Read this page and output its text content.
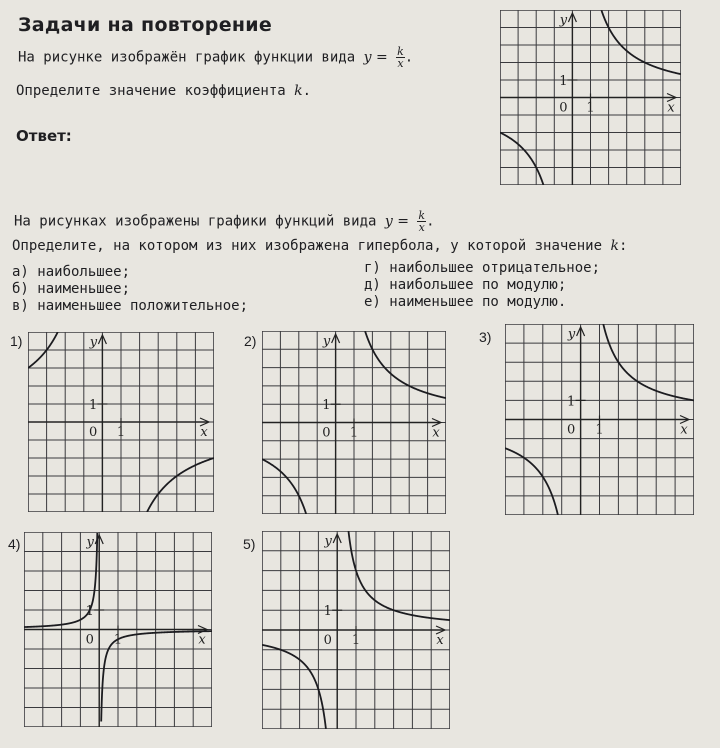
Задачи на повторение
На рисунке изображён график функции вида $y = \frac{k}{x}$ .
Определите значение коэффициента k.
Ответ:
На рисунках изображены графики функций вида $y = \frac{k}{x}$ .
Определите, на котором из них изображена гипербола, у которой значение k:
а) наибольшее;
б) наименьшее;
в) наименьшее положительное;
г) наибольшее отрицательное;
д) наибольшее по модулю;
е) наименьшее по модулю.
1)	2)	3)
4)	5)
y
x
0 1
1
y
x
0 1
1
y
x
0 1
1
y
x
0 1
1
y
x
0 1
1
y
x
0 1
1
